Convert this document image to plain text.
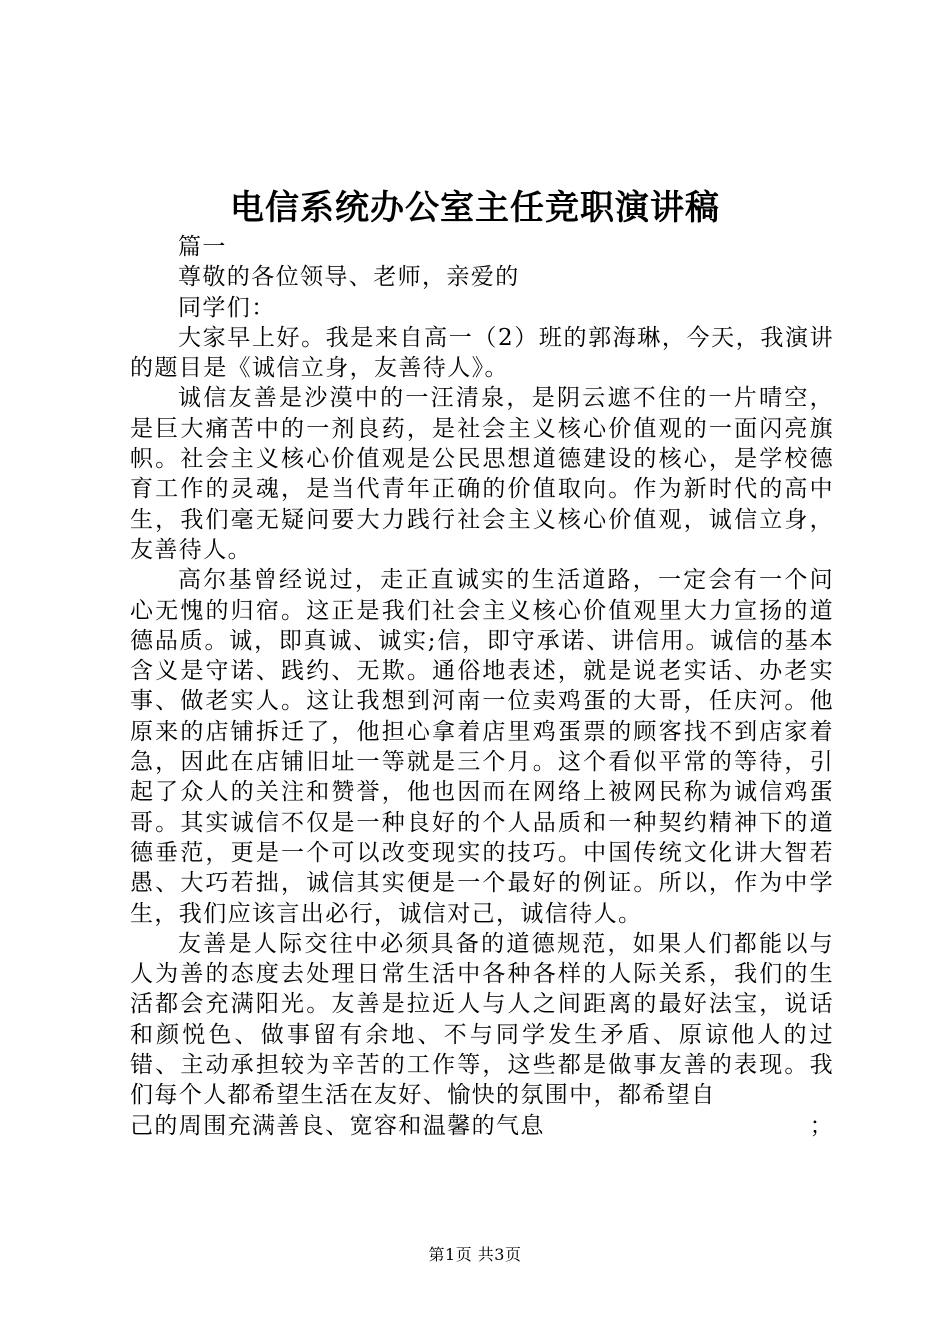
电信系统办公室主任竞职演讲稿
篇一
尊敬的各位领导、老师，亲爱的
同学们：
大家早上好。我是来自高一（2）班的郭海琳，今天，我演讲的题目是《诚信立身，友善待人》。
诚信友善是沙漠中的一汪清泉，是阴云遮不住的一片晴空，是巨大痛苦中的一剂良药，是社会主义核心价值观的一面闪亮旗帜。社会主义核心价值观是公民思想道德建设的核心，是学校德育工作的灵魂，是当代青年正确的价值取向。作为新时代的高中生，我们毫无疑问要大力践行社会主义核心价值观，诚信立身，友善待人。
高尔基曾经说过，走正直诚实的生活道路，一定会有一个问心无愧的归宿。这正是我们社会主义核心价值观里大力宣扬的道德品质。诚，即真诚、诚实;信，即守承诺、讲信用。诚信的基本含义是守诺、践约、无欺。通俗地表述，就是说老实话、办老实事、做老实人。这让我想到河南一位卖鸡蛋的大哥，任庆河。他原来的店铺拆迁了，他担心拿着店里鸡蛋票的顾客找不到店家着急，因此在店铺旧址一等就是三个月。这个看似平常的等待，引起了众人的关注和赞誉，他也因而在网络上被网民称为诚信鸡蛋哥。其实诚信不仅是一种良好的个人品质和一种契约精神下的道德垂范，更是一个可以改变现实的技巧。中国传统文化讲大智若愚、大巧若拙，诚信其实便是一个最好的例证。所以，作为中学生，我们应该言出必行，诚信对己，诚信待人。
友善是人际交往中必须具备的道德规范，如果人们都能以与人为善的态度去处理日常生活中各种各样的人际关系，我们的生活都会充满阳光。友善是拉近人与人之间距离的最好法宝，说话和颜悦色、做事留有余地、不与同学发生矛盾、原谅他人的过错、主动承担较为辛苦的工作等，这些都是做事友善的表现。我们每个人都希望生活在友好、愉快的氛围中，都希望自
己的周围充满善良、宽容和温馨的气息	；
第1页 共3页
